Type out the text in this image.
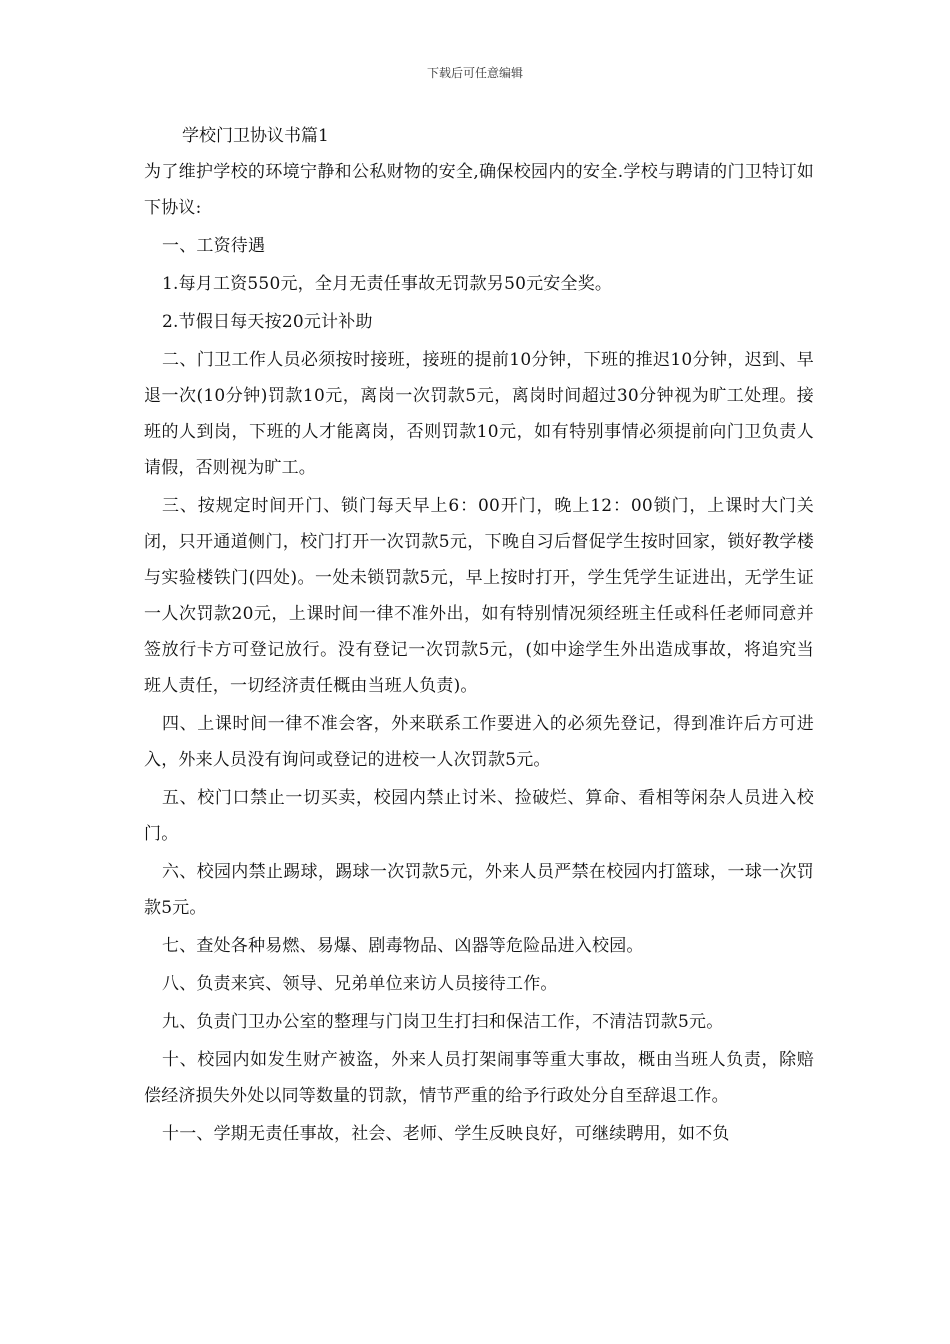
下载后可任意编辑
学校门卫协议书篇1

为了维护学校的环境宁静和公私财物的安全,确保校园内的安全.学校与聘请的门卫特订如下协议:

一、工资待遇

1.每月工资550元，全月无责任事故无罚款另50元安全奖。

2.节假日每天按20元计补助

二、门卫工作人员必须按时接班，接班的提前10分钟，下班的推迟10分钟，迟到、早退一次(10分钟)罚款10元，离岗一次罚款5元，离岗时间超过30分钟视为旷工处理。接班的人到岗，下班的人才能离岗，否则罚款10元，如有特别事情必须提前向门卫负责人请假，否则视为旷工。

三、按规定时间开门、锁门每天早上6：00开门，晚上12：00锁门，上课时大门关闭，只开通道侧门，校门打开一次罚款5元，下晚自习后督促学生按时回家，锁好教学楼与实验楼铁门(四处)。一处未锁罚款5元，早上按时打开，学生凭学生证进出，无学生证一人次罚款20元，上课时间一律不准外出，如有特别情况须经班主任或科任老师同意并签放行卡方可登记放行。没有登记一次罚款5元，(如中途学生外出造成事故，将追究当班人责任，一切经济责任概由当班人负责)。

四、上课时间一律不准会客，外来联系工作要进入的必须先登记，得到准许后方可进入，外来人员没有询问或登记的进校一人次罚款5元。

五、校门口禁止一切买卖，校园内禁止讨米、捡破烂、算命、看相等闲杂人员进入校门。

六、校园内禁止踢球，踢球一次罚款5元，外来人员严禁在校园内打篮球，一球一次罚款5元。

七、查处各种易燃、易爆、剧毒物品、凶器等危险品进入校园。

八、负责来宾、领导、兄弟单位来访人员接待工作。

九、负责门卫办公室的整理与门岗卫生打扫和保洁工作，不清洁罚款5元。

十、校园内如发生财产被盗，外来人员打架闹事等重大事故，概由当班人负责，除赔偿经济损失外处以同等数量的罚款，情节严重的给予行政处分自至辞退工作。

十一、学期无责任事故，社会、老师、学生反映良好，可继续聘用，如不负
